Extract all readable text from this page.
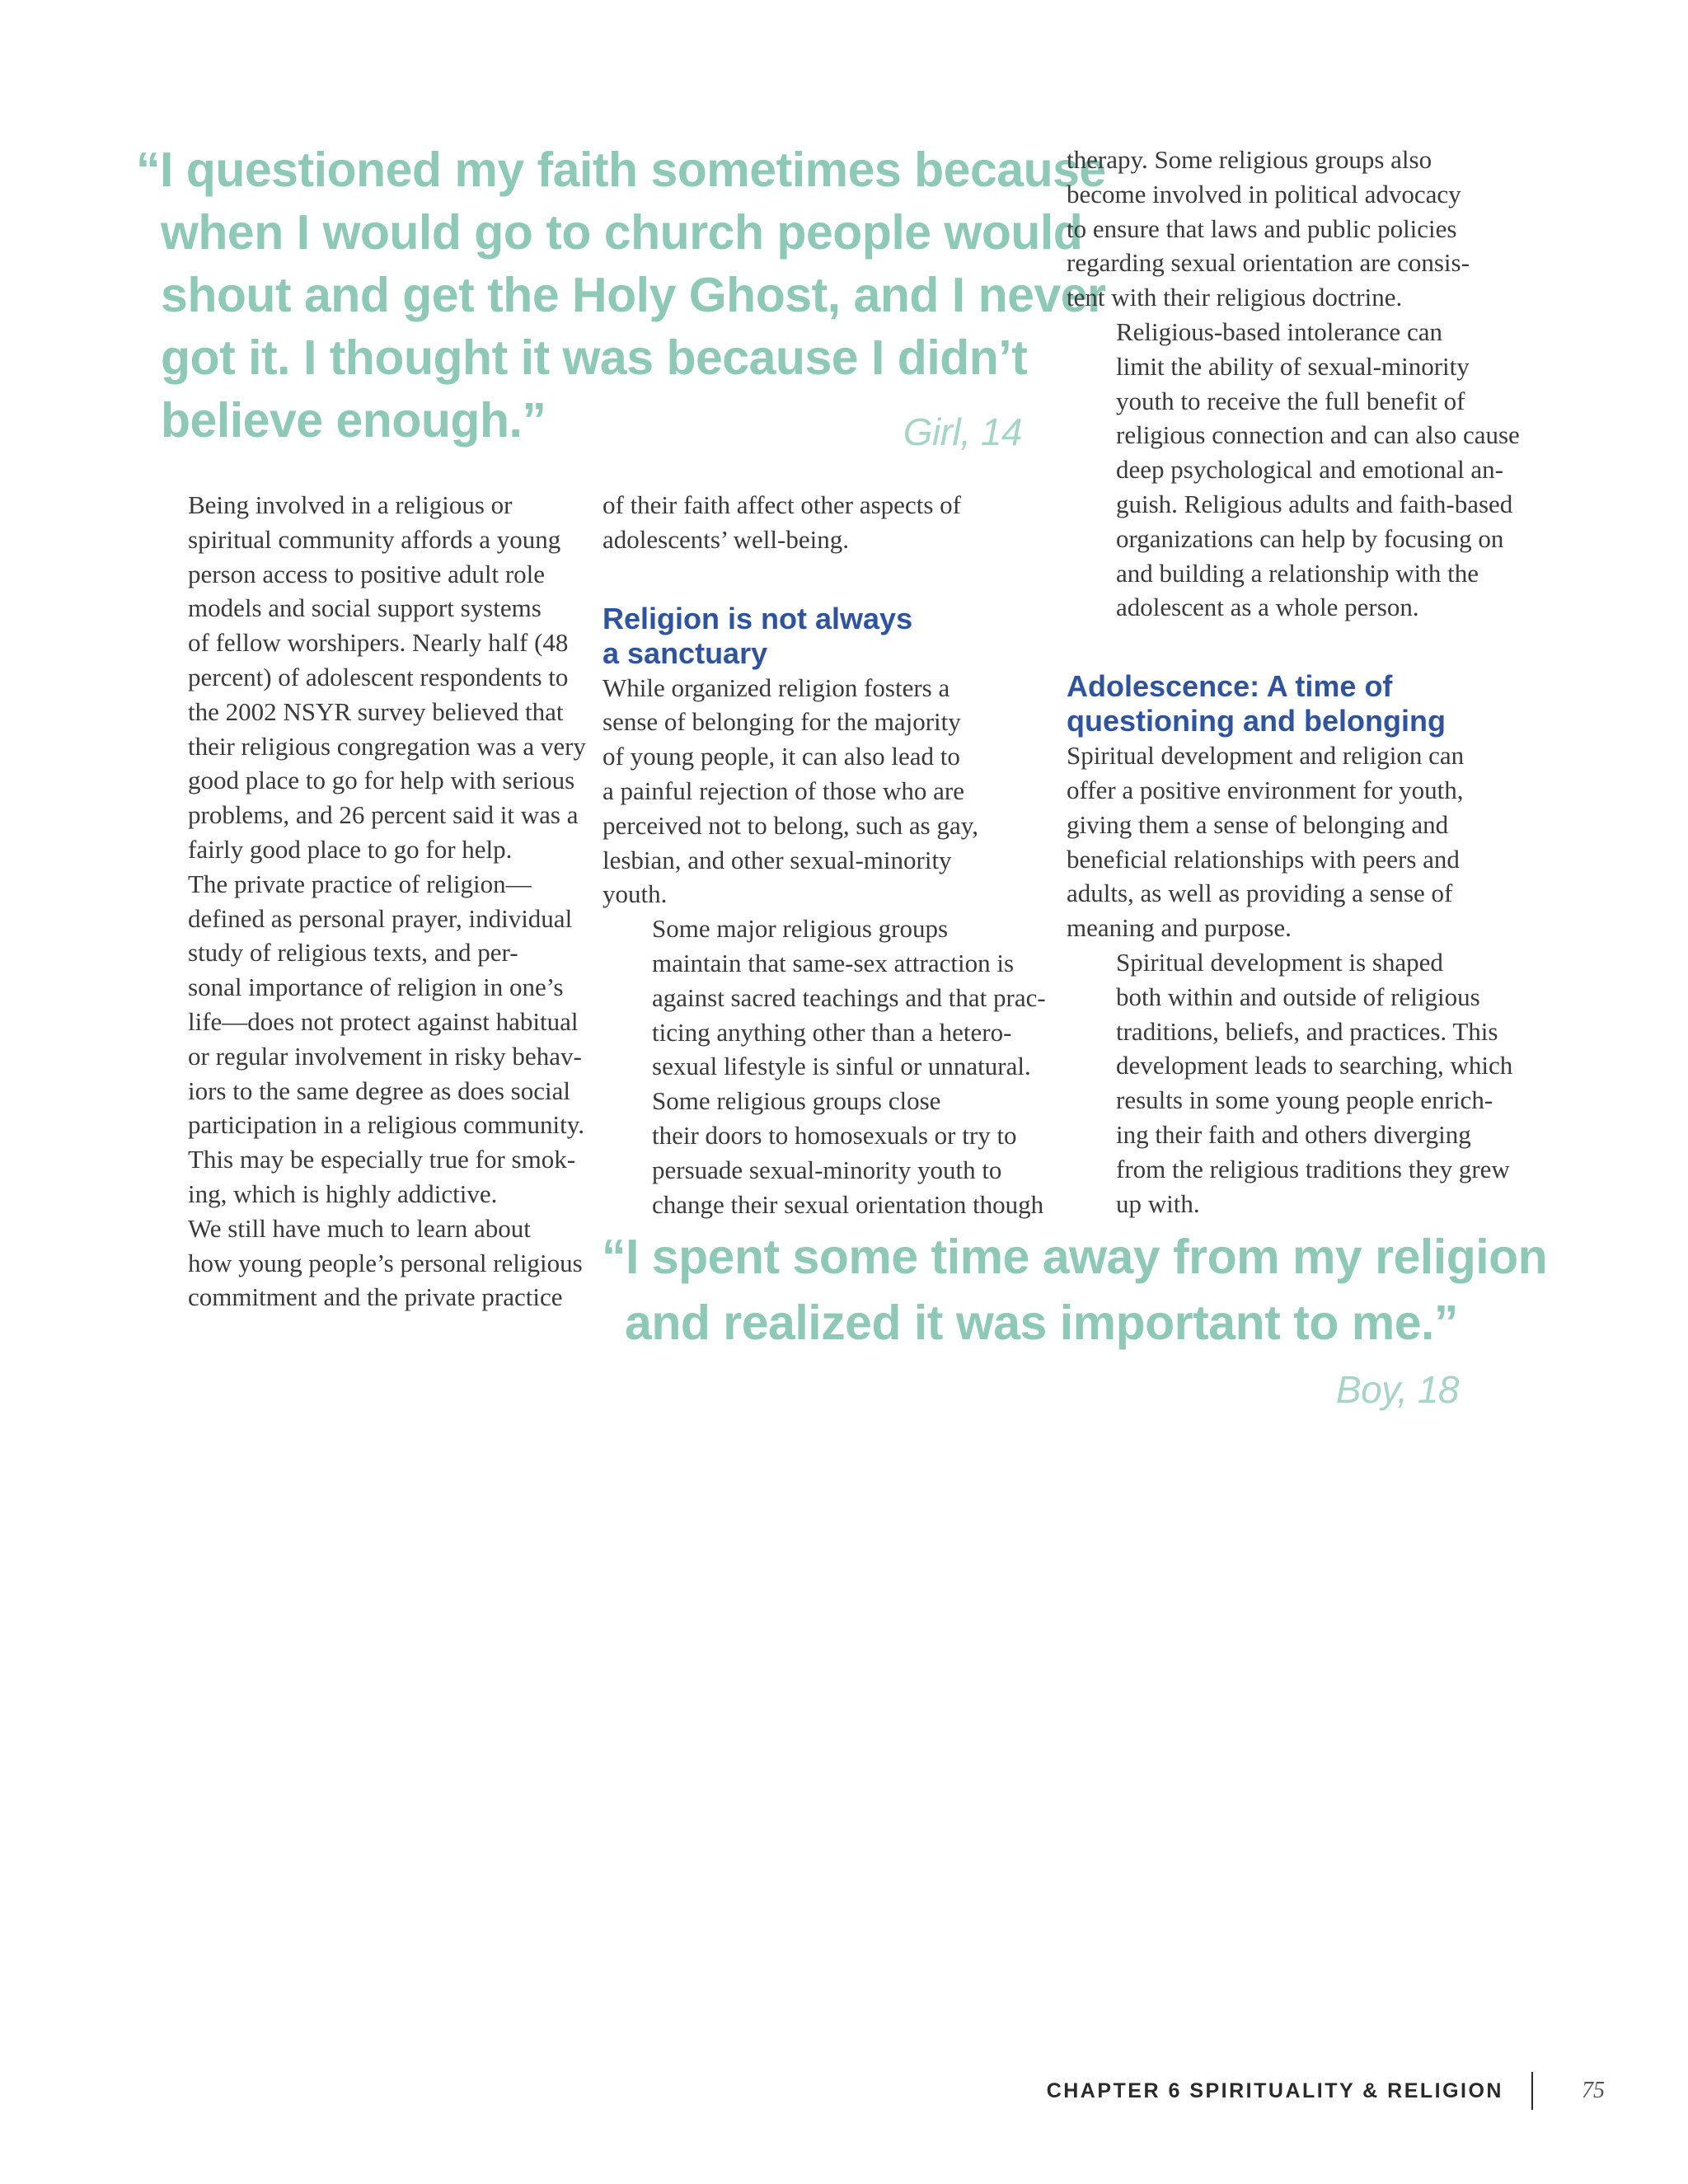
“I questioned my faith sometimes because
when I would go to church people would
shout and get the Holy Ghost, and I never
got it. I thought it was because I didn’t
believe enough.”	Girl, 14

Being involved in a religious or
spiritual community affords a young
person access to positive adult role
models and social support systems
of fellow worshipers. Nearly half (48
percent) of adolescent respondents to
the 2002 NSYR survey believed that
their religious congregation was a very
good place to go for help with serious
problems, and 26 percent said it was a
fairly good place to go for help.

The private practice of religion—
defined as personal prayer, individual
study of religious texts, and per-
sonal importance of religion in one’s
life—does not protect against habitual
or regular involvement in risky behav-
iors to the same degree as does social
participation in a religious community.
This may be especially true for smok-
ing, which is highly addictive.

We still have much to learn about
how young people’s personal religious
commitment and the private practice

of their faith affect other aspects of
adolescents’ well-being.

Religion is not always
a sanctuary

While organized religion fosters a
sense of belonging for the majority
of young people, it can also lead to
a painful rejection of those who are
perceived not to belong, such as gay,
lesbian, and other sexual-minority
youth.

Some major religious groups
maintain that same-sex attraction is
against sacred teachings and that prac-
ticing anything other than a hetero-
sexual lifestyle is sinful or unnatural.

Some religious groups close
their doors to homosexuals or try to
persuade sexual-minority youth to
change their sexual orientation though

therapy. Some religious groups also
become involved in political advocacy
to ensure that laws and public policies
regarding sexual orientation are consis-
tent with their religious doctrine.

Religious-based intolerance can
limit the ability of sexual-minority
youth to receive the full benefit of
religious connection and can also cause
deep psychological and emotional an-
guish. Religious adults and faith-based
organizations can help by focusing on
and building a relationship with the
adolescent as a whole person.

Adolescence: A time of
questioning and belonging

Spiritual development and religion can
offer a positive environment for youth,
giving them a sense of belonging and
beneficial relationships with peers and
adults, as well as providing a sense of
meaning and purpose.

Spiritual development is shaped
both within and outside of religious
traditions, beliefs, and practices. This
development leads to searching, which
results in some young people enrich-
ing their faith and others diverging
from the religious traditions they grew
up with.

“I spent some time away from my religion
and realized it was important to me.”
Boy, 18
CHAPTER 6 SPIRITUALITY & RELIGION	75
